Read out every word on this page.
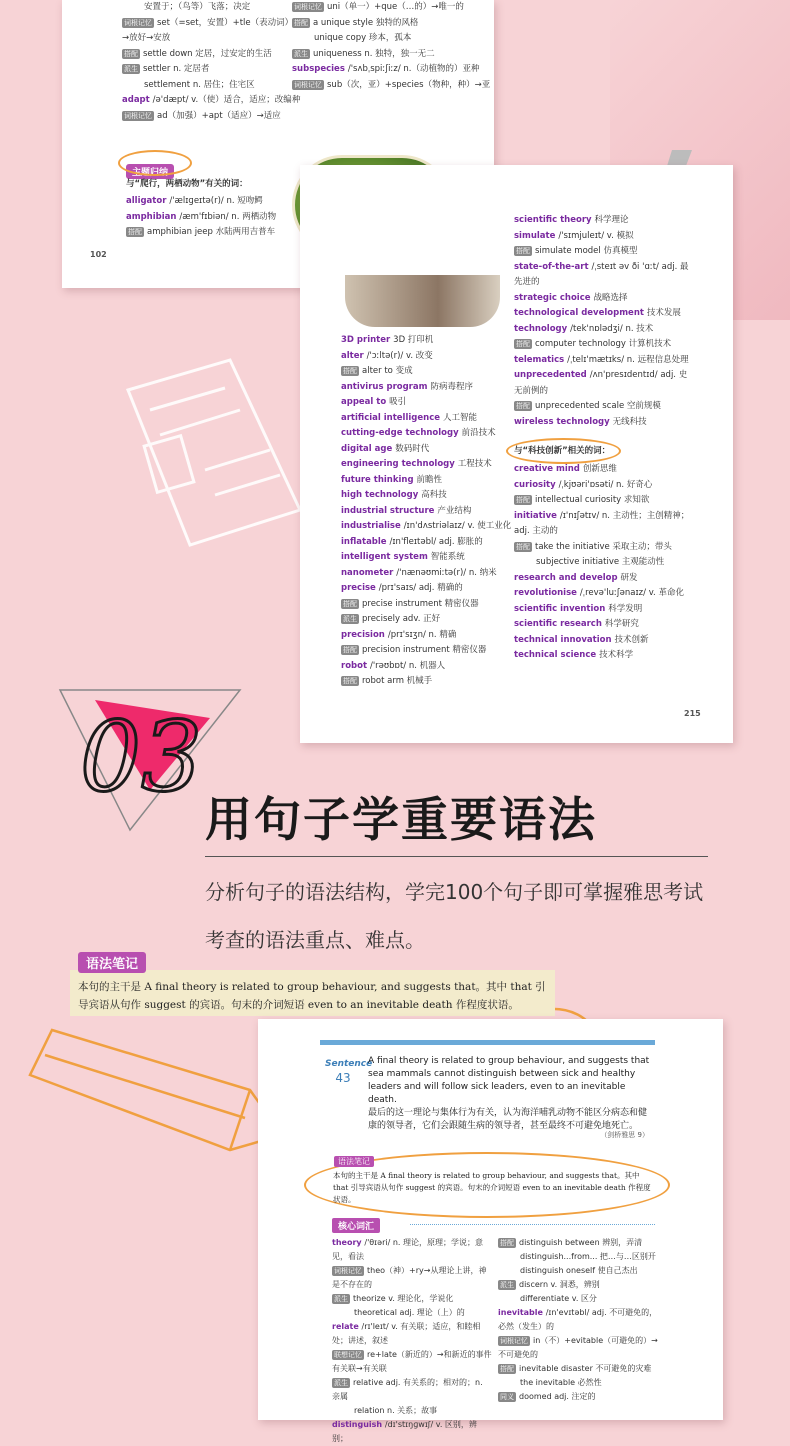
安置于；（鸟等）飞落；决定
词根记忆 set（=set，安置）+tle（表动词）→放好→安放
搭配 settle down 定居，过安定的生活
派生 settler n. 定居者
settlement n. 居住；住宅区
adapt /ə'dæpt/ v.（使）适合，适应；改编
词根记忆 ad（加强）+apt（适应）→适应
词根记忆 uni（单一）+que（…的）→唯一的
搭配 a unique style 独特的风格
unique copy 珍本，孤本
派生 uniqueness n. 独特，独一无二
subspecies /'sʌbˌspiːʃiːz/ n.（动植物的）亚种
词根记忆 sub（次，亚）+species（物种，种）→亚种
主题归纳
与“爬行，两栖动物”有关的词：
alligator /'ælɪɡeɪtə(r)/ n. 短吻鳄
amphibian /æm'fɪbiən/ n. 两栖动物
搭配 amphibian jeep 水陆两用吉普车
102
3D printer 3D 打印机
alter /'ɔːltə(r)/ v. 改变
搭配 alter to 变成
antivirus program 防病毒程序
appeal to 吸引
artificial intelligence 人工智能
cutting-edge technology 前沿技术
digital age 数码时代
engineering technology 工程技术
future thinking 前瞻性
high technology 高科技
industrial structure 产业结构
industrialise /ɪn'dʌstriəlaɪz/ v. 使工业化
inflatable /ɪn'fleɪtəbl/ adj. 膨胀的
intelligent system 智能系统
nanometer /'nænəʊmiːtə(r)/ n. 纳米
precise /prɪ'saɪs/ adj. 精确的
搭配 precise instrument 精密仪器
派生 precisely adv. 正好
precision /prɪ'sɪʒn/ n. 精确
搭配 precision instrument 精密仪器
robot /'rəʊbɒt/ n. 机器人
搭配 robot arm 机械手
scientific theory 科学理论
simulate /'sɪmjuleɪt/ v. 模拟
搭配 simulate model 仿真模型
state-of-the-art /ˌsteɪt əv ði 'ɑːt/ adj. 最先进的
strategic choice 战略选择
technological development 技术发展
technology /tek'nɒlədʒi/ n. 技术
搭配 computer technology 计算机技术
telematics /ˌtelɪ'mætɪks/ n. 远程信息处理
unprecedented /ʌn'presɪdentɪd/ adj. 史无前例的
搭配 unprecedented scale 空前规模
wireless technology 无线科技
与“科技创新”相关的词：
creative mind 创新思维
curiosity /ˌkjʊəri'ɒsəti/ n. 好奇心
搭配 intellectual curiosity 求知欲
initiative /ɪ'nɪʃətɪv/ n. 主动性；主创精神；adj. 主动的
搭配 take the initiative 采取主动；带头
subjective initiative 主观能动性
research and develop 研发
revolutionise /ˌrevə'luːʃənaɪz/ v. 革命化
scientific invention 科学发明
scientific research 科学研究
technical innovation 技术创新
technical science 技术科学
215
03
用句子学重要语法
分析句子的语法结构，学完100个句子即可掌握雅思考试考查的语法重点、难点。
本句的主干是 A final theory is related to group behaviour, and suggests that。其中 that 引导宾语从句作 suggest 的宾语。句末的介词短语 even to an inevitable death 作程度状语。
语法笔记
Sentence
43
A final theory is related to group behaviour, and suggests that sea mammals cannot distinguish between sick and healthy leaders and will follow sick leaders, even to an inevitable death.
最后的这一理论与集体行为有关，认为海洋哺乳动物不能区分病态和健康的领导者，它们会跟随生病的领导者，甚至最终不可避免地死亡。
（剑桥雅思 9）
本句的主干是 A final theory is related to group behaviour, and suggests that。其中 that 引导宾语从句作 suggest 的宾语。句末的介词短语 even to an inevitable death 作程度状语。
语法笔记
核心词汇
theory /'θɪəri/ n. 理论，原理；学说；意见，看法
词根记忆 theo（神）+ry→从理论上讲，神是不存在的
派生 theorize v. 理论化，学说化
theoretical adj. 理论（上）的
relate /rɪ'leɪt/ v. 有关联；适应，和睦相处；讲述，叙述
联想记忆 re+late（新近的）→和新近的事件有关联→有关联
派生 relative adj. 有关系的；相对的；n. 亲属
relation n. 关系；故事
distinguish /dɪ'stɪŋɡwɪʃ/ v. 区别，辨别；
搭配 distinguish between 辨别，弄清
distinguish...from... 把…与…区别开
distinguish oneself 使自己杰出
派生 discern v. 洞悉，辨别
differentiate v. 区分
inevitable /ɪn'evɪtəbl/ adj. 不可避免的，必然（发生）的
词根记忆 in（不）+evitable（可避免的）→不可避免的
搭配 inevitable disaster 不可避免的灾难
the inevitable 必然性
同义 doomed adj. 注定的
